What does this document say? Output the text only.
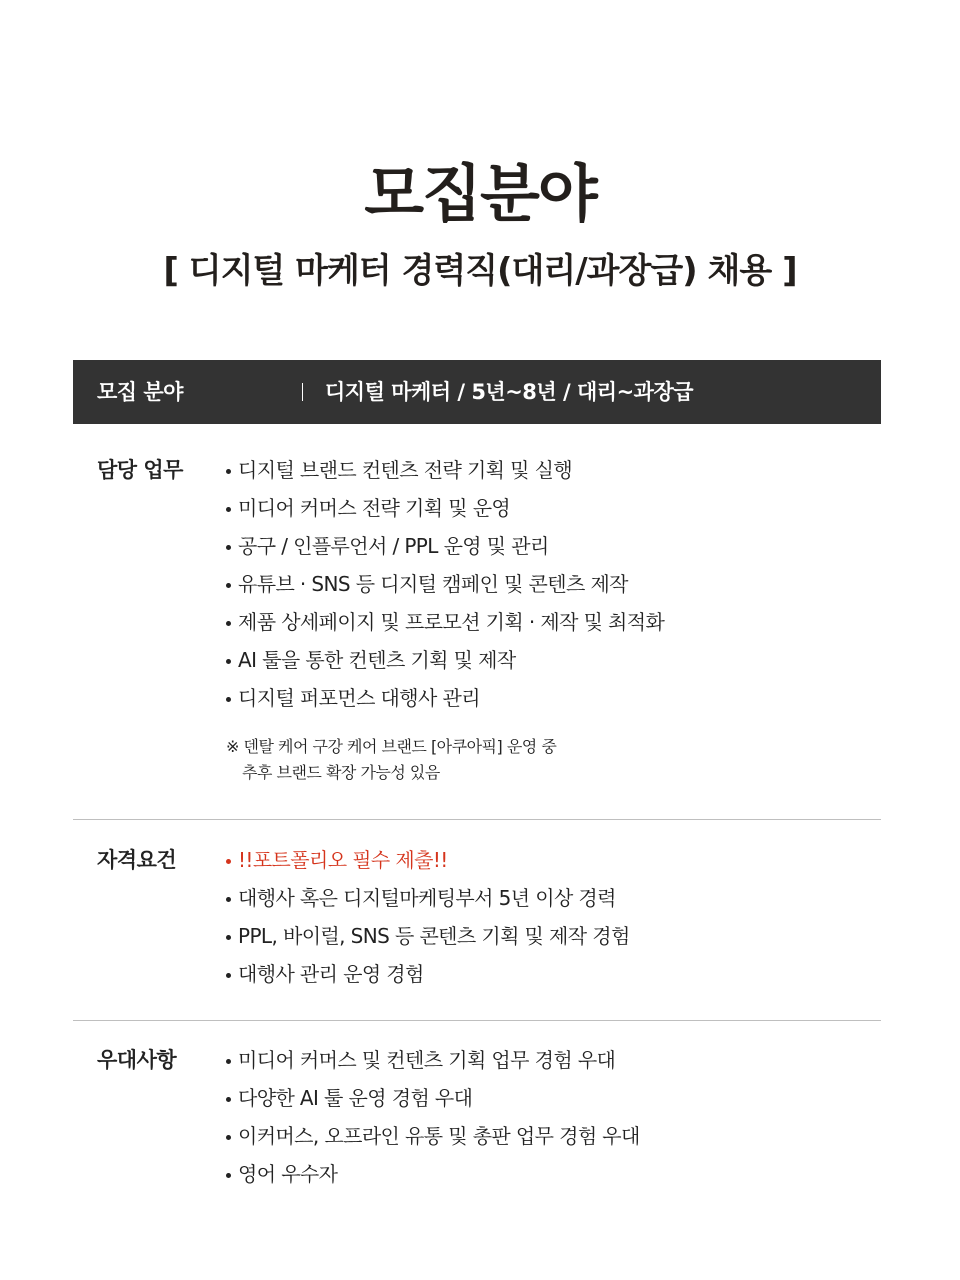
모집분야
[ 디지털 마케터 경력직(대리/과장급) 채용 ]
모집 분야	디지털 마케터 / 5년~8년 / 대리~과장급
담당 업무	디지털 브랜드 컨텐츠 전략 기획 및 실행
미디어 커머스 전략 기획 및 운영
공구 / 인플루언서 / PPL 운영 및 관리
유튜브 · SNS 등 디지털 캠페인 및 콘텐츠 제작
제품 상세페이지 및 프로모션 기획 · 제작 및 최적화
AI 툴을 통한 컨텐츠 기획 및 제작
디지털 퍼포먼스 대행사 관리
※ 덴탈 케어 구강 케어 브랜드 [아쿠아픽] 운영 중
추후 브랜드 확장 가능성 있음
자격요건	!!포트폴리오 필수 제출!!
대행사 혹은 디지털마케팅부서 5년 이상 경력
PPL, 바이럴, SNS 등 콘텐츠 기획 및 제작 경험
대행사 관리 운영 경험
우대사항	미디어 커머스 및 컨텐츠 기획 업무 경험 우대
다양한 AI 툴 운영 경험 우대
이커머스, 오프라인 유통 및 총판 업무 경험 우대
영어 우수자
